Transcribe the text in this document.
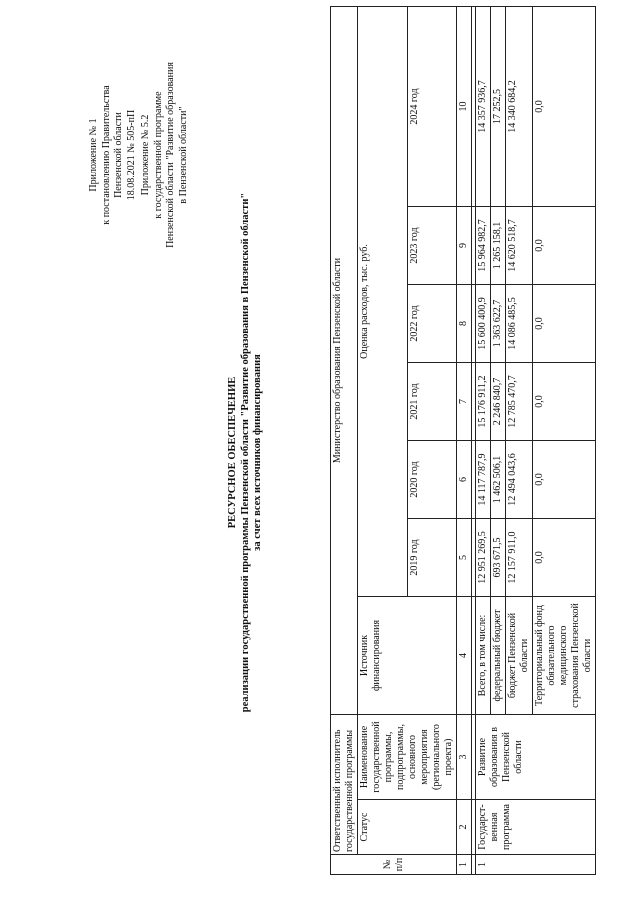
Приложение № 1 к постановлению Правительства Пензенской области 18.08.2021 № 505-пП Приложение № 5.2 к государственной программе Пензенской области "Развитие образования в Пензенской области"
РЕСУРСНОЕ ОБЕСПЕЧЕНИЕ реализации государственной программы Пензенской области "Развитие образования в Пензенской области" за счет всех источников финансирования
№ п/п	Ответственный исполнитель государственной программы		Министерство образования Пензенской области						
	Статус	Наименование государственной программы, подпрограммы, основного мероприятия (регионального проекта)	Источник финансирования	Оценка расходов, тыс. руб.					
				2019 год	2020 год	2021 год	2022 год	2023 год	2024 год
1	2	3	4	5	6	7	8	9	10

1	Государст-венная программа	Развитие образования в Пензенской области	Всего, в том числе:	12 951 269,5	14 117 787,9	15 176 911,2	15 600 400,9	15 964 982,7	14 357 936,7
			федеральный бюджет	693 671,5	1 462 506,1	2 246 840,7	1 363 622,7	1 265 158,1	17 252,5
			бюджет Пензенской области	12 157 911,0	12 494 043,6	12 785 470,7	14 086 485,5	14 620 518,7	14 340 684,2
			Территориальный фонд обязательного медицинского страхования Пензенской области	0,0	0,0	0,0	0,0	0,0	0,0
